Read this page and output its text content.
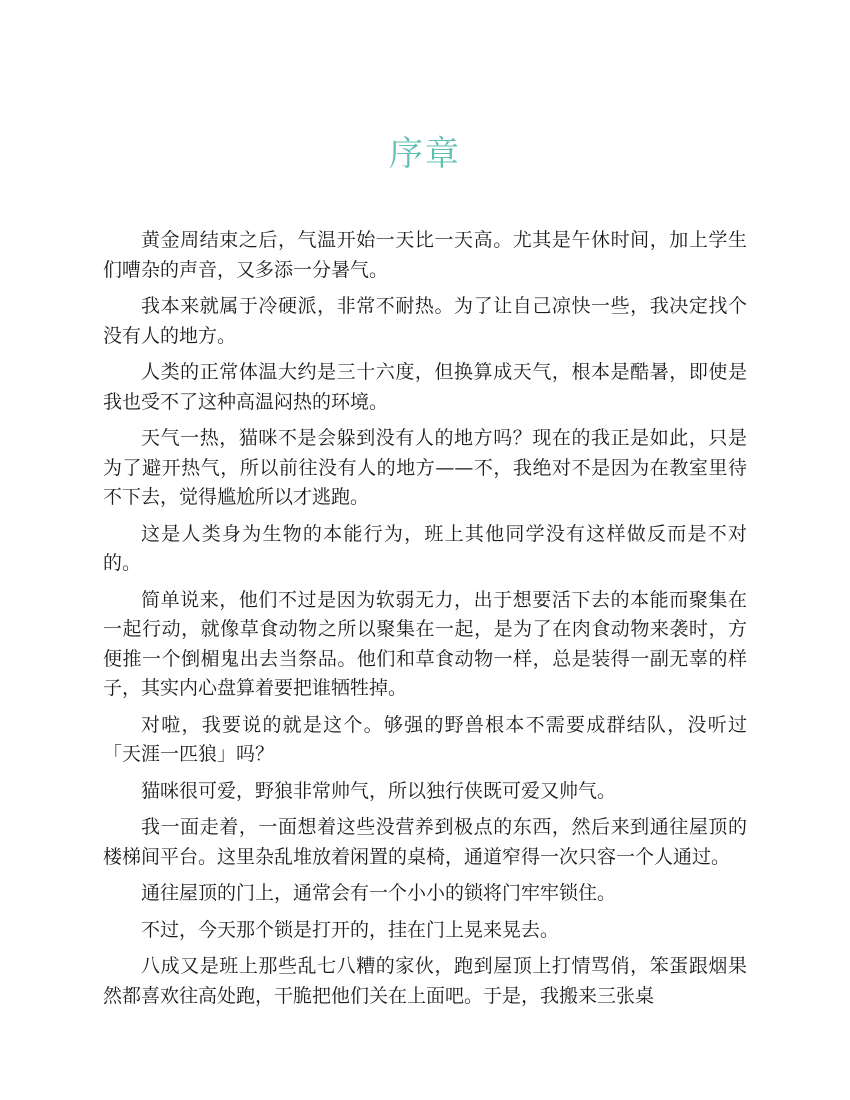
序章

黄金周结束之后，气温开始一天比一天高。尤其是午休时间，加上学生们嘈杂的声音，又多添一分暑气。

我本来就属于冷硬派，非常不耐热。为了让自己凉快一些，我决定找个没有人的地方。

人类的正常体温大约是三十六度，但换算成天气，根本是酷暑，即使是我也受不了这种高温闷热的环境。

天气一热，猫咪不是会躲到没有人的地方吗？现在的我正是如此，只是为了避开热气，所以前往没有人的地方——不，我绝对不是因为在教室里待不下去，觉得尴尬所以才逃跑。

这是人类身为生物的本能行为，班上其他同学没有这样做反而是不对的。

简单说来，他们不过是因为软弱无力，出于想要活下去的本能而聚集在一起行动，就像草食动物之所以聚集在一起，是为了在肉食动物来袭时，方便推一个倒楣鬼出去当祭品。他们和草食动物一样，总是装得一副无辜的样子，其实内心盘算着要把谁牺牲掉。

对啦，我要说的就是这个。够强的野兽根本不需要成群结队，没听过「天涯一匹狼」吗？

猫咪很可爱，野狼非常帅气，所以独行侠既可爱又帅气。

我一面走着，一面想着这些没营养到极点的东西，然后来到通往屋顶的楼梯间平台。这里杂乱堆放着闲置的桌椅，通道窄得一次只容一个人通过。

通往屋顶的门上，通常会有一个小小的锁将门牢牢锁住。

不过，今天那个锁是打开的，挂在门上晃来晃去。

八成又是班上那些乱七八糟的家伙，跑到屋顶上打情骂俏，笨蛋跟烟果然都喜欢往高处跑，干脆把他们关在上面吧。于是，我搬来三张桌
